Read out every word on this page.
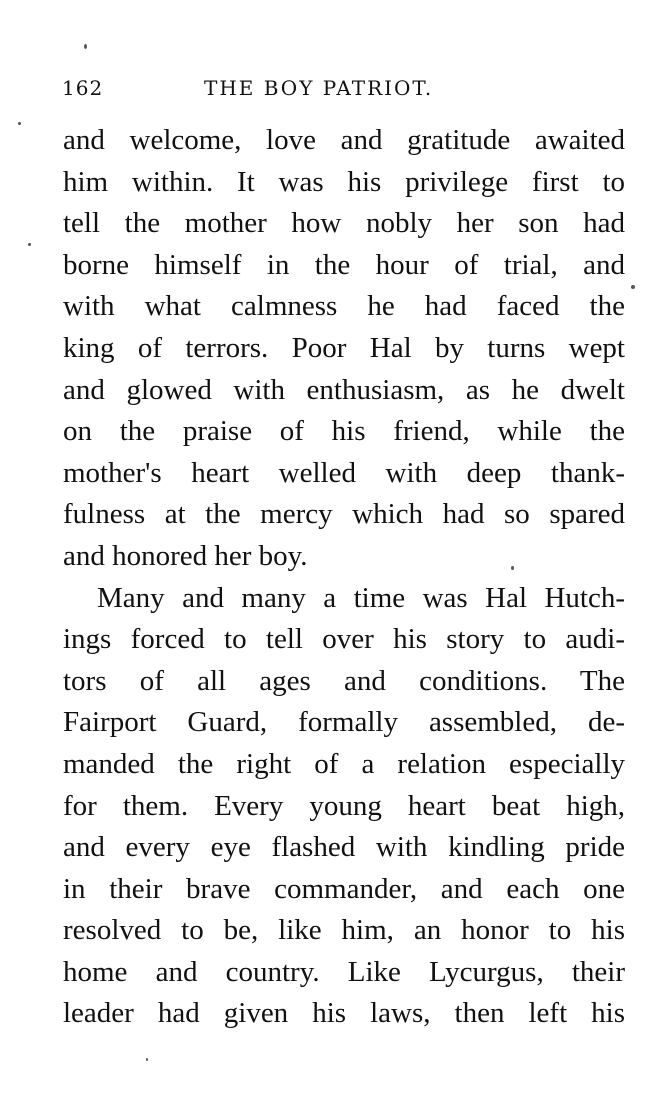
162	THE BOY PATRIOT.
and welcome, love and gratitude awaited
him within. It was his privilege first to
tell the mother how nobly her son had
borne himself in the hour of trial, and
with what calmness he had faced the
king of terrors. Poor Hal by turns wept
and glowed with enthusiasm, as he dwelt
on the praise of his friend, while the
mother's heart welled with deep thank-
fulness at the mercy which had so spared
and honored her boy.
Many and many a time was Hal Hutch-
ings forced to tell over his story to audi-
tors of all ages and conditions. The
Fairport Guard, formally assembled, de-
manded the right of a relation especially
for them. Every young heart beat high,
and every eye flashed with kindling pride
in their brave commander, and each one
resolved to be, like him, an honor to his
home and country. Like Lycurgus, their
leader had given his laws, then left his
